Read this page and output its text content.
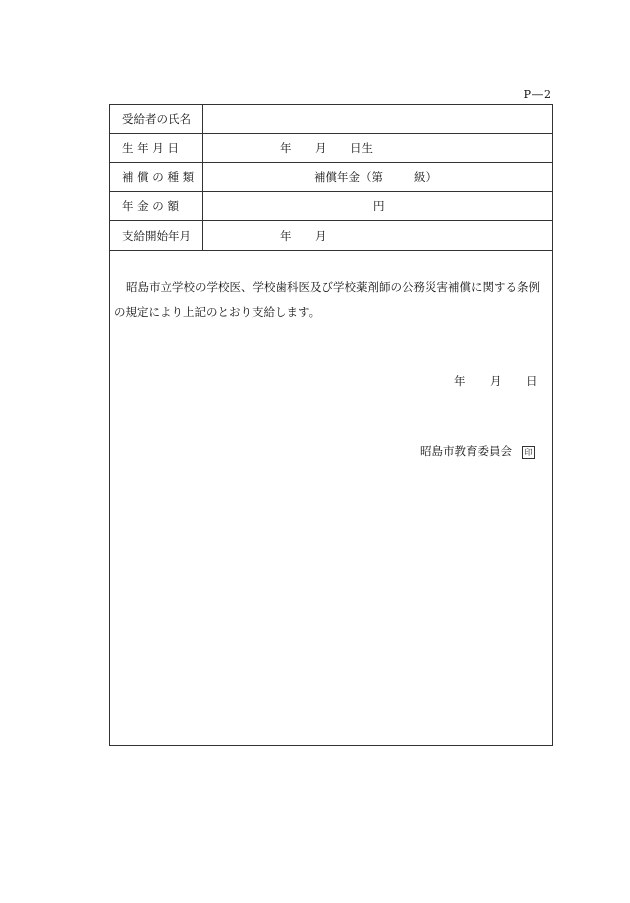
P―2
受給者の氏名
生 年 月 日	年 月 日生
補 償 の 種 類	補償年金（第	級）
年 金 の 額	円
支給開始年月	年 月
昭島市立学校の学校医、学校歯科医及び学校薬剤師の公務災害補償に関する条例
の規定により上記のとおり支給します。
年 月 日
昭島市教育委員会 印
